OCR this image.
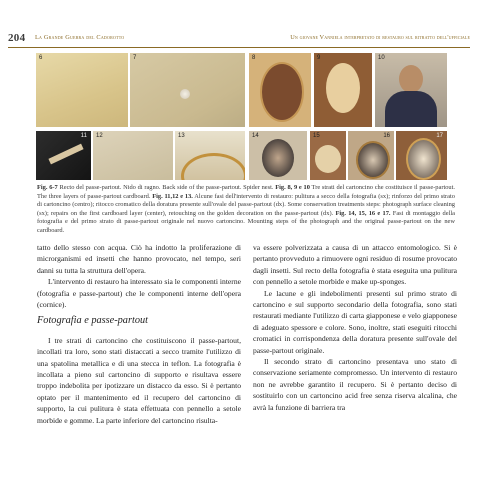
204 La Grande Guerra del Cadorotto	Un giovane Vanniela interpretato di restauro sul ritratto dell'ufficiale
6	7	8	9	10
11 12	13	14	15	16	17
Fig. 6-7 Recto del passe-partout. Nido di ragno. Back side of the passe-partout. Spider nest. Fig. 8, 9 e 10 Tre strati del cartoncino che costituisce il passe-partout. The three layers of passe-partout cardboard. Fig. 11,12 e 13. Alcune fasi dell'intervento di restauro: pulitura a secco della fotografia (sx); rinforzo del primo strato di cartoncino (centro); ritocco cromatico della doratura presente sull'ovale del passe-partout (dx). Some conservation treatments steps: photograph surface cleaning (sx); repairs on the first cardboard layer (center), retouching on the golden decoration on the passe-partout (dx). Fig. 14, 15, 16 e 17. Fasi di montaggio della fotografia e del primo strato di passe-partout originale nel nuovo cartoncino. Mounting steps of the photograph and the original passe-partout on the new cardboard.

tatto dello stesso con acqua. Ciò ha indotto la proliferazione di microrganismi ed insetti che hanno provocato, nel tempo, seri danni su tutta la struttura dell'opera.

L'intervento di restauro ha interessato sia le componenti interne (fotografia e passe-partout) che le componenti interne dell'opera (cornice).

Fotografia e passe-partout

I tre strati di cartoncino che costituiscono il passe-partout, incollati tra loro, sono stati distaccati a secco tramite l'utilizzo di una spatolina metallica e di una stecca in teflon. La fotografia è incollata a pieno sul cartoncino di supporto e risultava essere troppo indebolita per ipotizzare un distacco da esso. Si è pertanto optato per il mantenimento ed il recupero del cartoncino di supporto, la cui pulitura è stata effettuata con pennello a setole morbide e gomme. La parte inferiore del cartoncino risulta-

va essere polverizzata a causa di un attacco entomologico. Si è pertanto provveduto a rimuovere ogni residuo di rosume provocato dagli insetti. Sul recto della fotografia è stata eseguita una pulitura con pennello a setole morbide e make up-sponges.

Le lacune e gli indebolimenti presenti sul primo strato di cartoncino e sul supporto secondario della fotografia, sono stati restaurati mediante l'utilizzo di carta giapponese e velo giapponese di adeguato spessore e colore. Sono, inoltre, stati eseguiti ritocchi cromatici in corrispondenza della doratura presente sull'ovale del passe-partout originale.

Il secondo strato di cartoncino presentava uno stato di conservazione seriamente compromesso. Un intervento di restauro non ne avrebbe garantito il recupero. Si è pertanto deciso di sostituirlo con un cartoncino acid free senza riserva alcalina, che avrà la funzione di barriera tra
